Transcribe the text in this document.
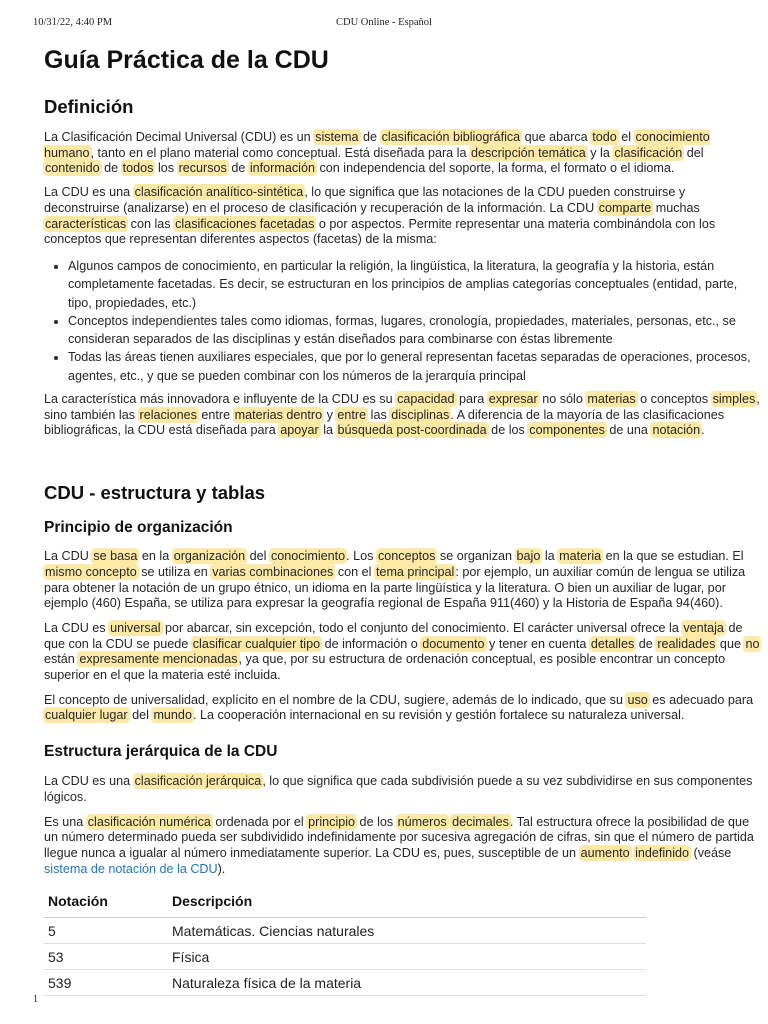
10/31/22, 4:40 PM	CDU Online - Español
Guía Práctica de la CDU
Definición

La Clasificación Decimal Universal (CDU) es un sistema de clasificación bibliográfica que abarca todo el conocimiento humano, tanto en el plano material como conceptual. Está diseñada para la descripción temática y la clasificación del contenido de todos los recursos de información con independencia del soporte, la forma, el formato o el idioma.

La CDU es una clasificación analítico-sintética, lo que significa que las notaciones de la CDU pueden construirse y deconstruirse (analizarse) en el proceso de clasificación y recuperación de la información. La CDU comparte muchas características con las clasificaciones facetadas o por aspectos. Permite representar una materia combinándola con los conceptos que representan diferentes aspectos (facetas) de la misma:

• Algunos campos de conocimiento, en particular la religión, la lingüística, la literatura, la geografía y la historia, están completamente facetadas. Es decir, se estructuran en los principios de amplias categorías conceptuales (entidad, parte, tipo, propiedades, etc.)
• Conceptos independientes tales como idiomas, formas, lugares, cronología, propiedades, materiales, personas, etc., se consideran separados de las disciplinas y están diseñados para combinarse con éstas libremente
• Todas las áreas tienen auxiliares especiales, que por lo general representan facetas separadas de operaciones, procesos, agentes, etc., y que se pueden combinar con los números de la jerarquía principal

La característica más innovadora e influyente de la CDU es su capacidad para expresar no sólo materias o conceptos simples, sino también las relaciones entre materias dentro y entre las disciplinas. A diferencia de la mayoría de las clasificaciones bibliográficas, la CDU está diseñada para apoyar la búsqueda post-coordinada de los componentes de una notación.

CDU - estructura y tablas
Principio de organización

La CDU se basa en la organización del conocimiento. Los conceptos se organizan bajo la materia en la que se estudian. El mismo concepto se utiliza en varias combinaciones con el tema principal: por ejemplo, un auxiliar común de lengua se utiliza para obtener la notación de un grupo étnico, un idioma en la parte lingüística y la literatura. O bien un auxiliar de lugar, por ejemplo (460) España, se utiliza para expresar la geografía regional de España 911(460) y la Historia de España 94(460).

La CDU es universal por abarcar, sin excepción, todo el conjunto del conocimiento. El carácter universal ofrece la ventaja de que con la CDU se puede clasificar cualquier tipo de información o documento y tener en cuenta detalles de realidades que no están expresamente mencionadas, ya que, por su estructura de ordenación conceptual, es posible encontrar un concepto superior en el que la materia esté incluida.

El concepto de universalidad, explícito en el nombre de la CDU, sugiere, además de lo indicado, que su uso es adecuado para cualquier lugar del mundo. La cooperación internacional en su revisión y gestión fortalece su naturaleza universal.

Estructura jerárquica de la CDU

La CDU es una clasificación jerárquica, lo que significa que cada subdivisión puede a su vez subdividirse en sus componentes lógicos.

Es una clasificación numérica ordenada por el principio de los números decimales. Tal estructura ofrece la posibilidad de que un número determinado pueda ser subdividido indefinidamente por sucesiva agregación de cifras, sin que el número de partida llegue nunca a igualar al número inmediatamente superior. La CDU es, pues, susceptible de un aumento indefinido (veáse sistema de notación de la CDU).

Notación	Descripción
5	Matemáticas. Ciencias naturales
53	Física
539	Naturaleza física de la materia
1
